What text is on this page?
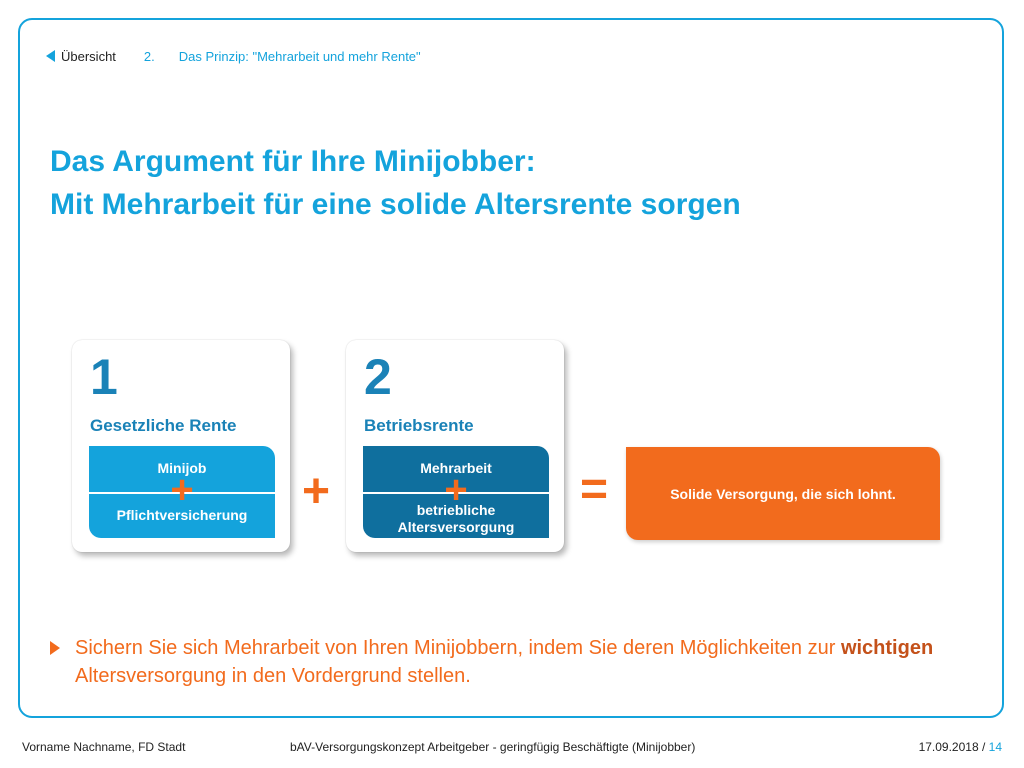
Übersicht 2. Das Prinzip: "Mehrarbeit und mehr Rente"
Das Argument für Ihre Minijobber:
Mit Mehrarbeit für eine solide Altersrente sorgen
1
Gesetzliche Rente
Minijob
+
Pflichtversicherung	+
2
Betriebsrente
Mehrarbeit
+
betriebliche Altersversorgung
=	Solide Versorgung, die sich lohnt.
Sichern Sie sich Mehrarbeit von Ihren Minijobbern, indem Sie deren Möglichkeiten zur wichtigen Altersversorgung in den Vordergrund stellen.
Vorname Nachname, FD Stadt	bAV-Versorgungskonzept Arbeitgeber - geringfügig Beschäftigte (Minijobber)	17.09.2018 / 14
